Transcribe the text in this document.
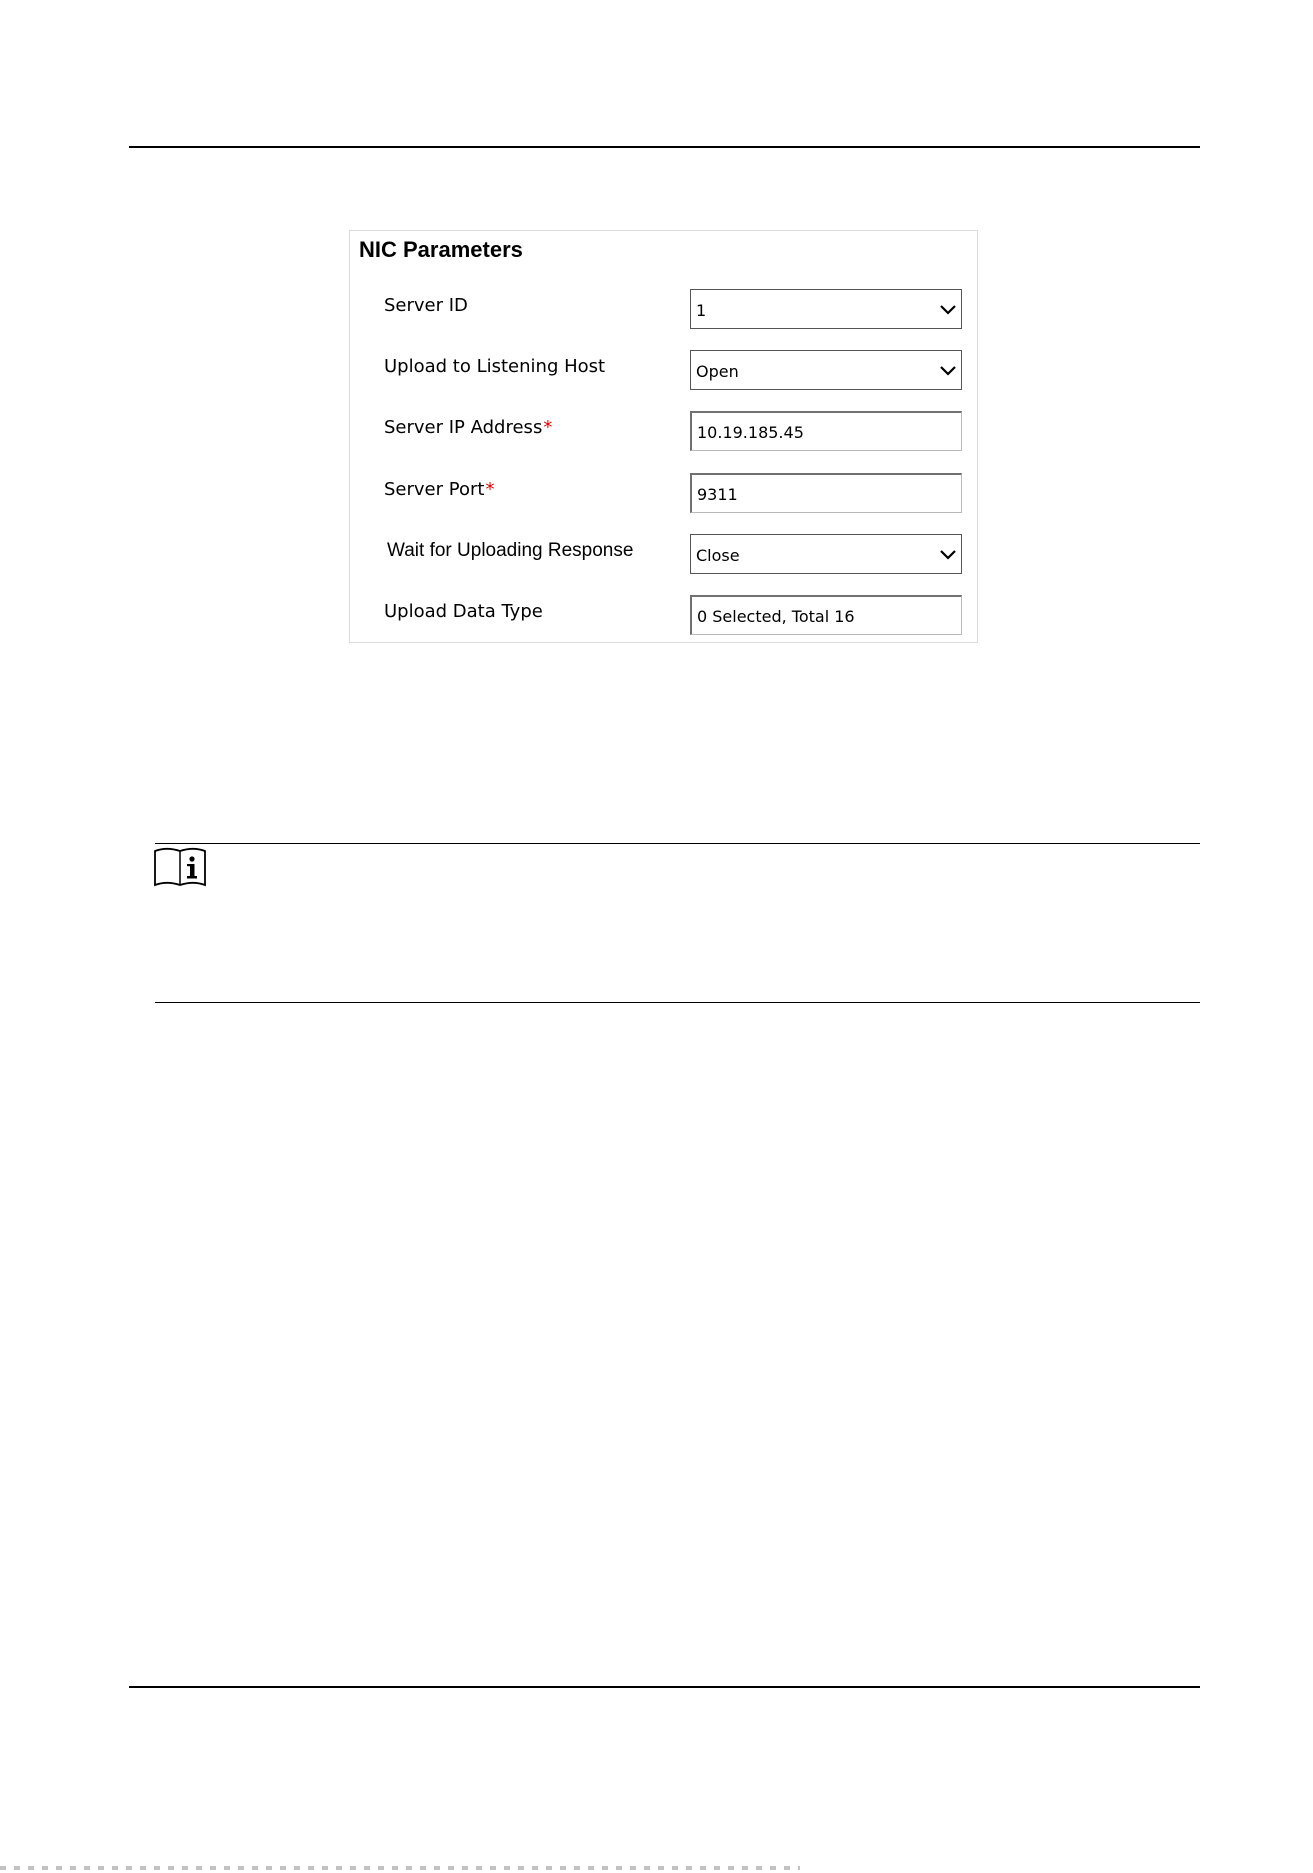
NIC Parameters
Server ID	1
Upload to Listening Host	Open
Server IP Address*	10.19.185.45
Server Port*	9311
Wait for Uploading Response	Close
Upload Data Type	0 Selected, Total 16
